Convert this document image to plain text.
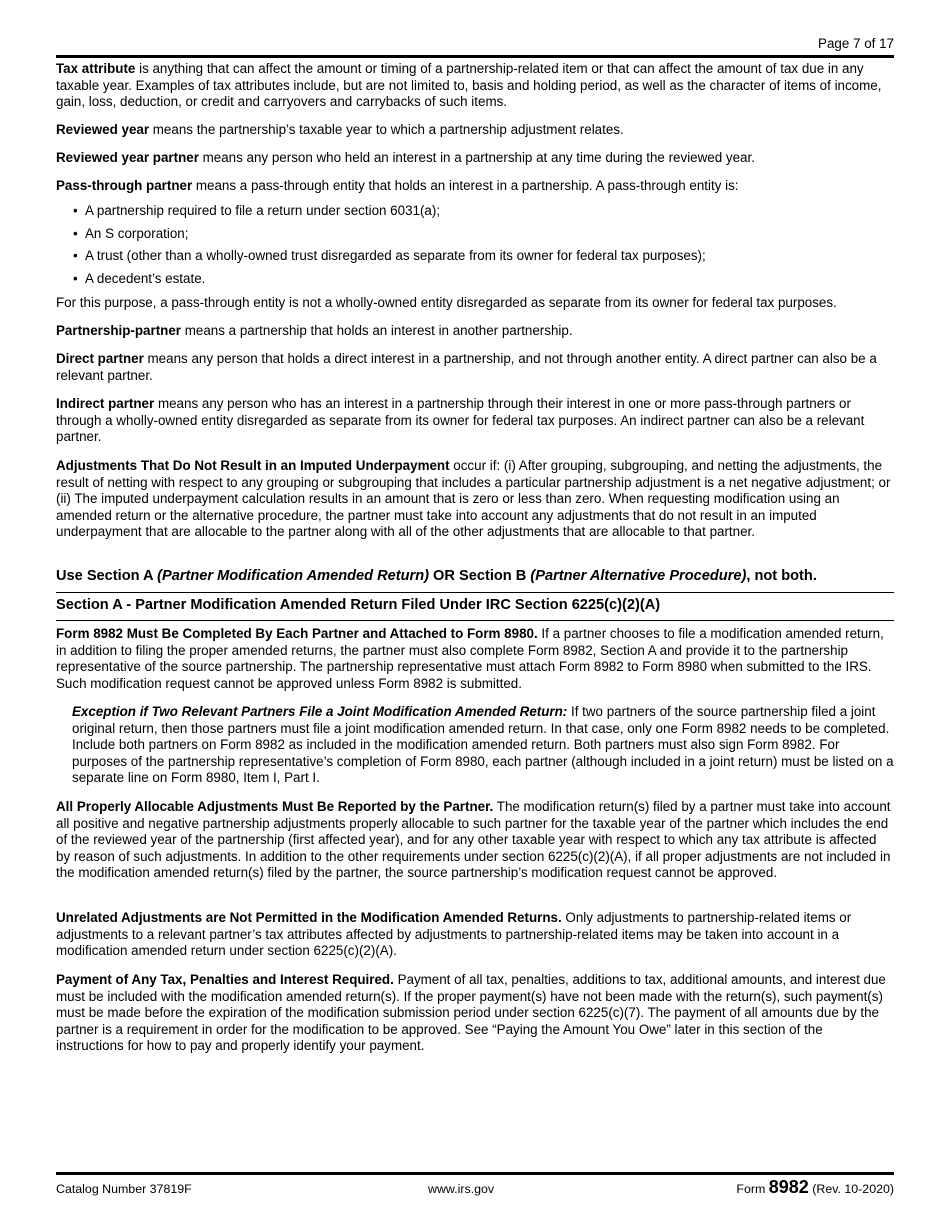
Page 7 of 17

Tax attribute is anything that can affect the amount or timing of a partnership-related item or that can affect the amount of tax due in any taxable year. Examples of tax attributes include, but are not limited to, basis and holding period, as well as the character of items of income, gain, loss, deduction, or credit and carryovers and carrybacks of such items.

Reviewed year means the partnership’s taxable year to which a partnership adjustment relates.

Reviewed year partner means any person who held an interest in a partnership at any time during the reviewed year.

Pass-through partner means a pass-through entity that holds an interest in a partnership. A pass-through entity is:

• A partnership required to file a return under section 6031(a);
• An S corporation;
• A trust (other than a wholly-owned trust disregarded as separate from its owner for federal tax purposes);
• A decedent’s estate.

For this purpose, a pass-through entity is not a wholly-owned entity disregarded as separate from its owner for federal tax purposes.

Partnership-partner means a partnership that holds an interest in another partnership.

Direct partner means any person that holds a direct interest in a partnership, and not through another entity. A direct partner can also be a relevant partner.

Indirect partner means any person who has an interest in a partnership through their interest in one or more pass-through partners or through a wholly-owned entity disregarded as separate from its owner for federal tax purposes. An indirect partner can also be a relevant partner.

Adjustments That Do Not Result in an Imputed Underpayment occur if: (i) After grouping, subgrouping, and netting the adjustments, the result of netting with respect to any grouping or subgrouping that includes a particular partnership adjustment is a net negative adjustment; or (ii) The imputed underpayment calculation results in an amount that is zero or less than zero. When requesting modification using an amended return or the alternative procedure, the partner must take into account any adjustments that do not result in an imputed underpayment that are allocable to the partner along with all of the other adjustments that are allocable to that partner.

Use Section A (Partner Modification Amended Return) OR Section B (Partner Alternative Procedure), not both.
Section A - Partner Modification Amended Return Filed Under IRC Section 6225(c)(2)(A)

Form 8982 Must Be Completed By Each Partner and Attached to Form 8980. If a partner chooses to file a modification amended return, in addition to filing the proper amended returns, the partner must also complete Form 8982, Section A and provide it to the partnership representative of the source partnership. The partnership representative must attach Form 8982 to Form 8980 when submitted to the IRS. Such modification request cannot be approved unless Form 8982 is submitted.

Exception if Two Relevant Partners File a Joint Modification Amended Return: If two partners of the source partnership filed a joint original return, then those partners must file a joint modification amended return. In that case, only one Form 8982 needs to be completed. Include both partners on Form 8982 as included in the modification amended return. Both partners must also sign Form 8982. For purposes of the partnership representative’s completion of Form 8980, each partner (although included in a joint return) must be listed on a separate line on Form 8980, Item I, Part I.

All Properly Allocable Adjustments Must Be Reported by the Partner. The modification return(s) filed by a partner must take into account all positive and negative partnership adjustments properly allocable to such partner for the taxable year of the partner which includes the end of the reviewed year of the partnership (first affected year), and for any other taxable year with respect to which any tax attribute is affected by reason of such adjustments. In addition to the other requirements under section 6225(c)(2)(A), if all proper adjustments are not included in the modification amended return(s) filed by the partner, the source partnership’s modification request cannot be approved.

Unrelated Adjustments are Not Permitted in the Modification Amended Returns. Only adjustments to partnership-related items or adjustments to a relevant partner’s tax attributes affected by adjustments to partnership-related items may be taken into account in a modification amended return under section 6225(c)(2)(A).

Payment of Any Tax, Penalties and Interest Required. Payment of all tax, penalties, additions to tax, additional amounts, and interest due must be included with the modification amended return(s). If the proper payment(s) have not been made with the return(s), such payment(s) must be made before the expiration of the modification submission period under section 6225(c)(7). The payment of all amounts due by the partner is a requirement in order for the modification to be approved. See “Paying the Amount You Owe” later in this section of the instructions for how to pay and properly identify your payment.

Catalog Number 37819F	www.irs.gov	Form 8982 (Rev. 10-2020)
